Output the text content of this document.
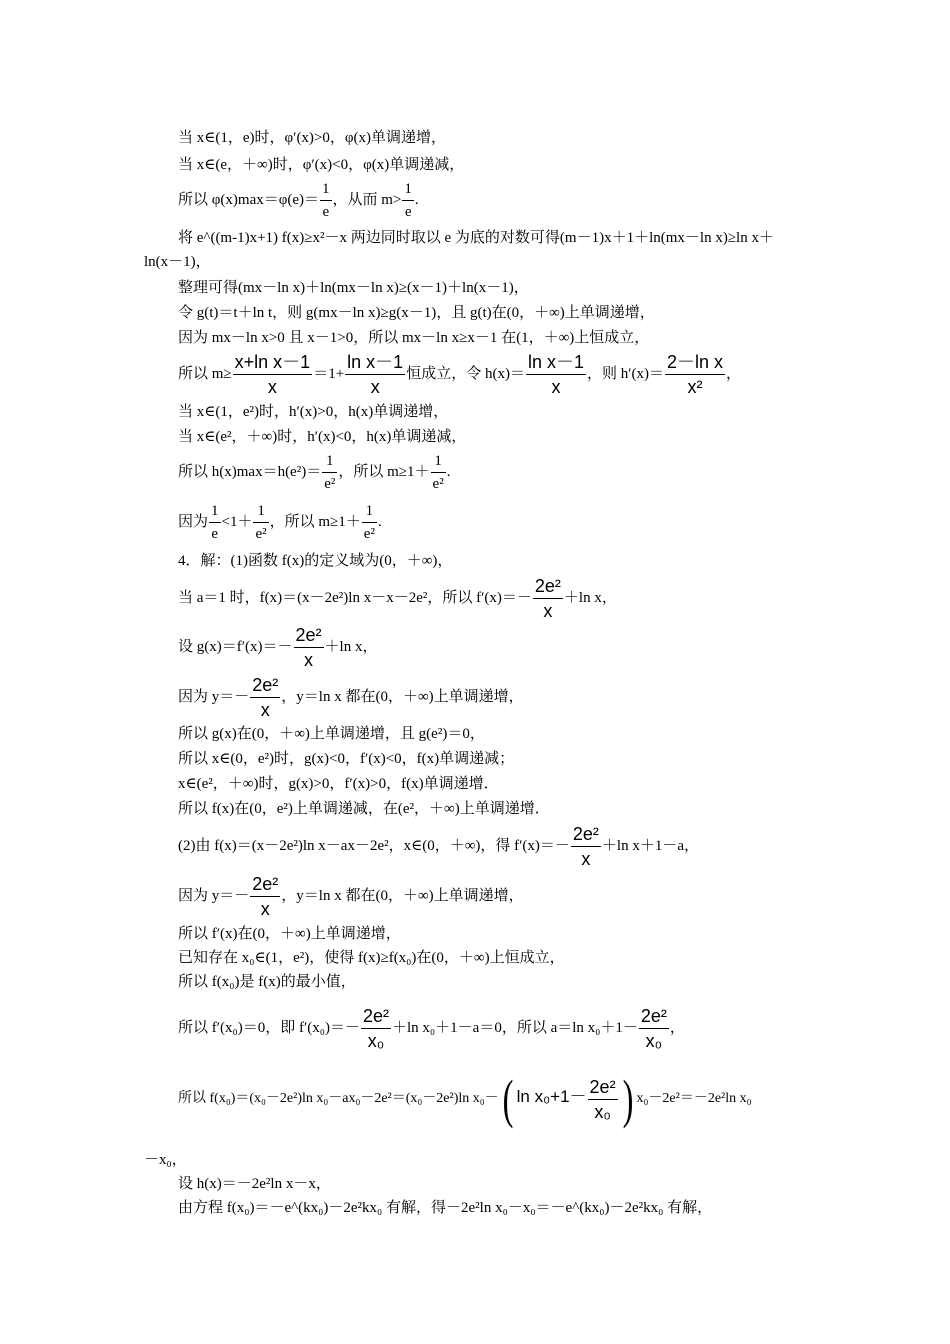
当 x∈(1，e)时，φ′(x)>0，φ(x)单调递增，
当 x∈(e，＋∞)时，φ′(x)<0，φ(x)单调递减，
所以 $\varphi(x)\max=\varphi(e)= \frac{1}{e}$ ，从而 $m> \frac{1}{e}$ .
将 e^((m-1)x+1) f(x)≥x²－x 两边同时取以 e 为底的对数可得(m－1)x＋1＋ln(mx－ln x)≥ln x＋
ln(x－1)，
整理可得(mx－ln x)＋ln(mx－ln x)≥(x－1)＋ln(x－1)，
令 g(t)＝t＋ln t，则 g(mx－ln x)≥g(x－1)，且 g(t)在(0，＋∞)上单调递增，
因为 mx－ln x>0 且 x－1>0，所以 mx－ln x≥x－1 在(1，＋∞)上恒成立，
所以 $m\ge \frac{\text{x+ln x－1}}{x} =1+ \frac{\text{ln x－1}}{x}$ 恒成立，令 $h(x)= \frac{\text{ln x－1}}{x}$ ，则 $h'(x)= \frac{\text{2－ln x}}{\text{x²}}$ ，
当 x∈(1，e²)时，h′(x)>0，h(x)单调递增，
当 x∈(e²，＋∞)时，h′(x)<0，h(x)单调递减，
所以 $h(x)\max=h(e^2)= \frac{1}{\text{e²}}$ ，所以 $m\ge 1+ \frac{1}{\text{e²}}$ .
因为 $\frac{1}{e} <1+ \frac{1}{\text{e²}}$ ，所以 $m\ge 1+ \frac{1}{\text{e²}}$ .
4．解：(1)函数 f(x)的定义域为(0，＋∞)，
当 a＝1 时，f(x)＝(x－2e²)ln x－x－2e²，所以 $f'(x)=- \frac{\text{2e²}}{x} +\ln$ x，
设 $g(x)=f'(x)=- \frac{\text{2e²}}{x} +\ln$ x，
因为 $y=- \frac{\text{2e²}}{x}$ ，y＝ln x 都在(0，＋∞)上单调递增，
所以 g(x)在(0，＋∞)上单调递增，且 g(e²)＝0，
所以 x∈(0，e²)时，g(x)<0，f′(x)<0，f(x)单调递减；
x∈(e²，＋∞)时，g(x)>0，f′(x)>0，f(x)单调递增．
所以 f(x)在(0，e²)上单调递减，在(e²，＋∞)上单调递增．
(2)由 f(x)＝(x－2e²)ln x－ax－2e²，x∈(0，＋∞)，得 $f'(x)=- \frac{\text{2e²}}{x} +\ln$ x＋1－a，
因为 $y=- \frac{\text{2e²}}{x}$ ，y＝ln x 都在(0，＋∞)上单调递增，
所以 f′(x)在(0，＋∞)上单调递增，
已知存在 x₀∈(1，e²)，使得 f(x)≥f(x₀)在(0，＋∞)上恒成立，
所以 f(x₀)是 f(x)的最小值，
所以 f′(x₀)＝0，即 $f'(x_0)=- \frac{\text{2e²}}{\text{x₀}} +\ln$ x₀＋1－a＝0，所以 a＝ln $x_0+1- \frac{\text{2e²}}{\text{x₀}}$ ，
所以 f(x₀)＝(x₀－2e²)ln x₀－ax₀－2e²＝(x₀－2e²)ln x₀－( $\ln x_0+1- \frac{\text{2e²}}{\text{x₀}}$ ) x₀－2e²＝－2e²ln x₀
－x₀，
设 h(x)＝－2e²ln x－x，
由方程 f(x₀)＝－e^(kx₀)－2e²kx₀ 有解，得－2e²ln x₀－x₀＝－e^(kx₀)－2e²kx₀ 有解，
